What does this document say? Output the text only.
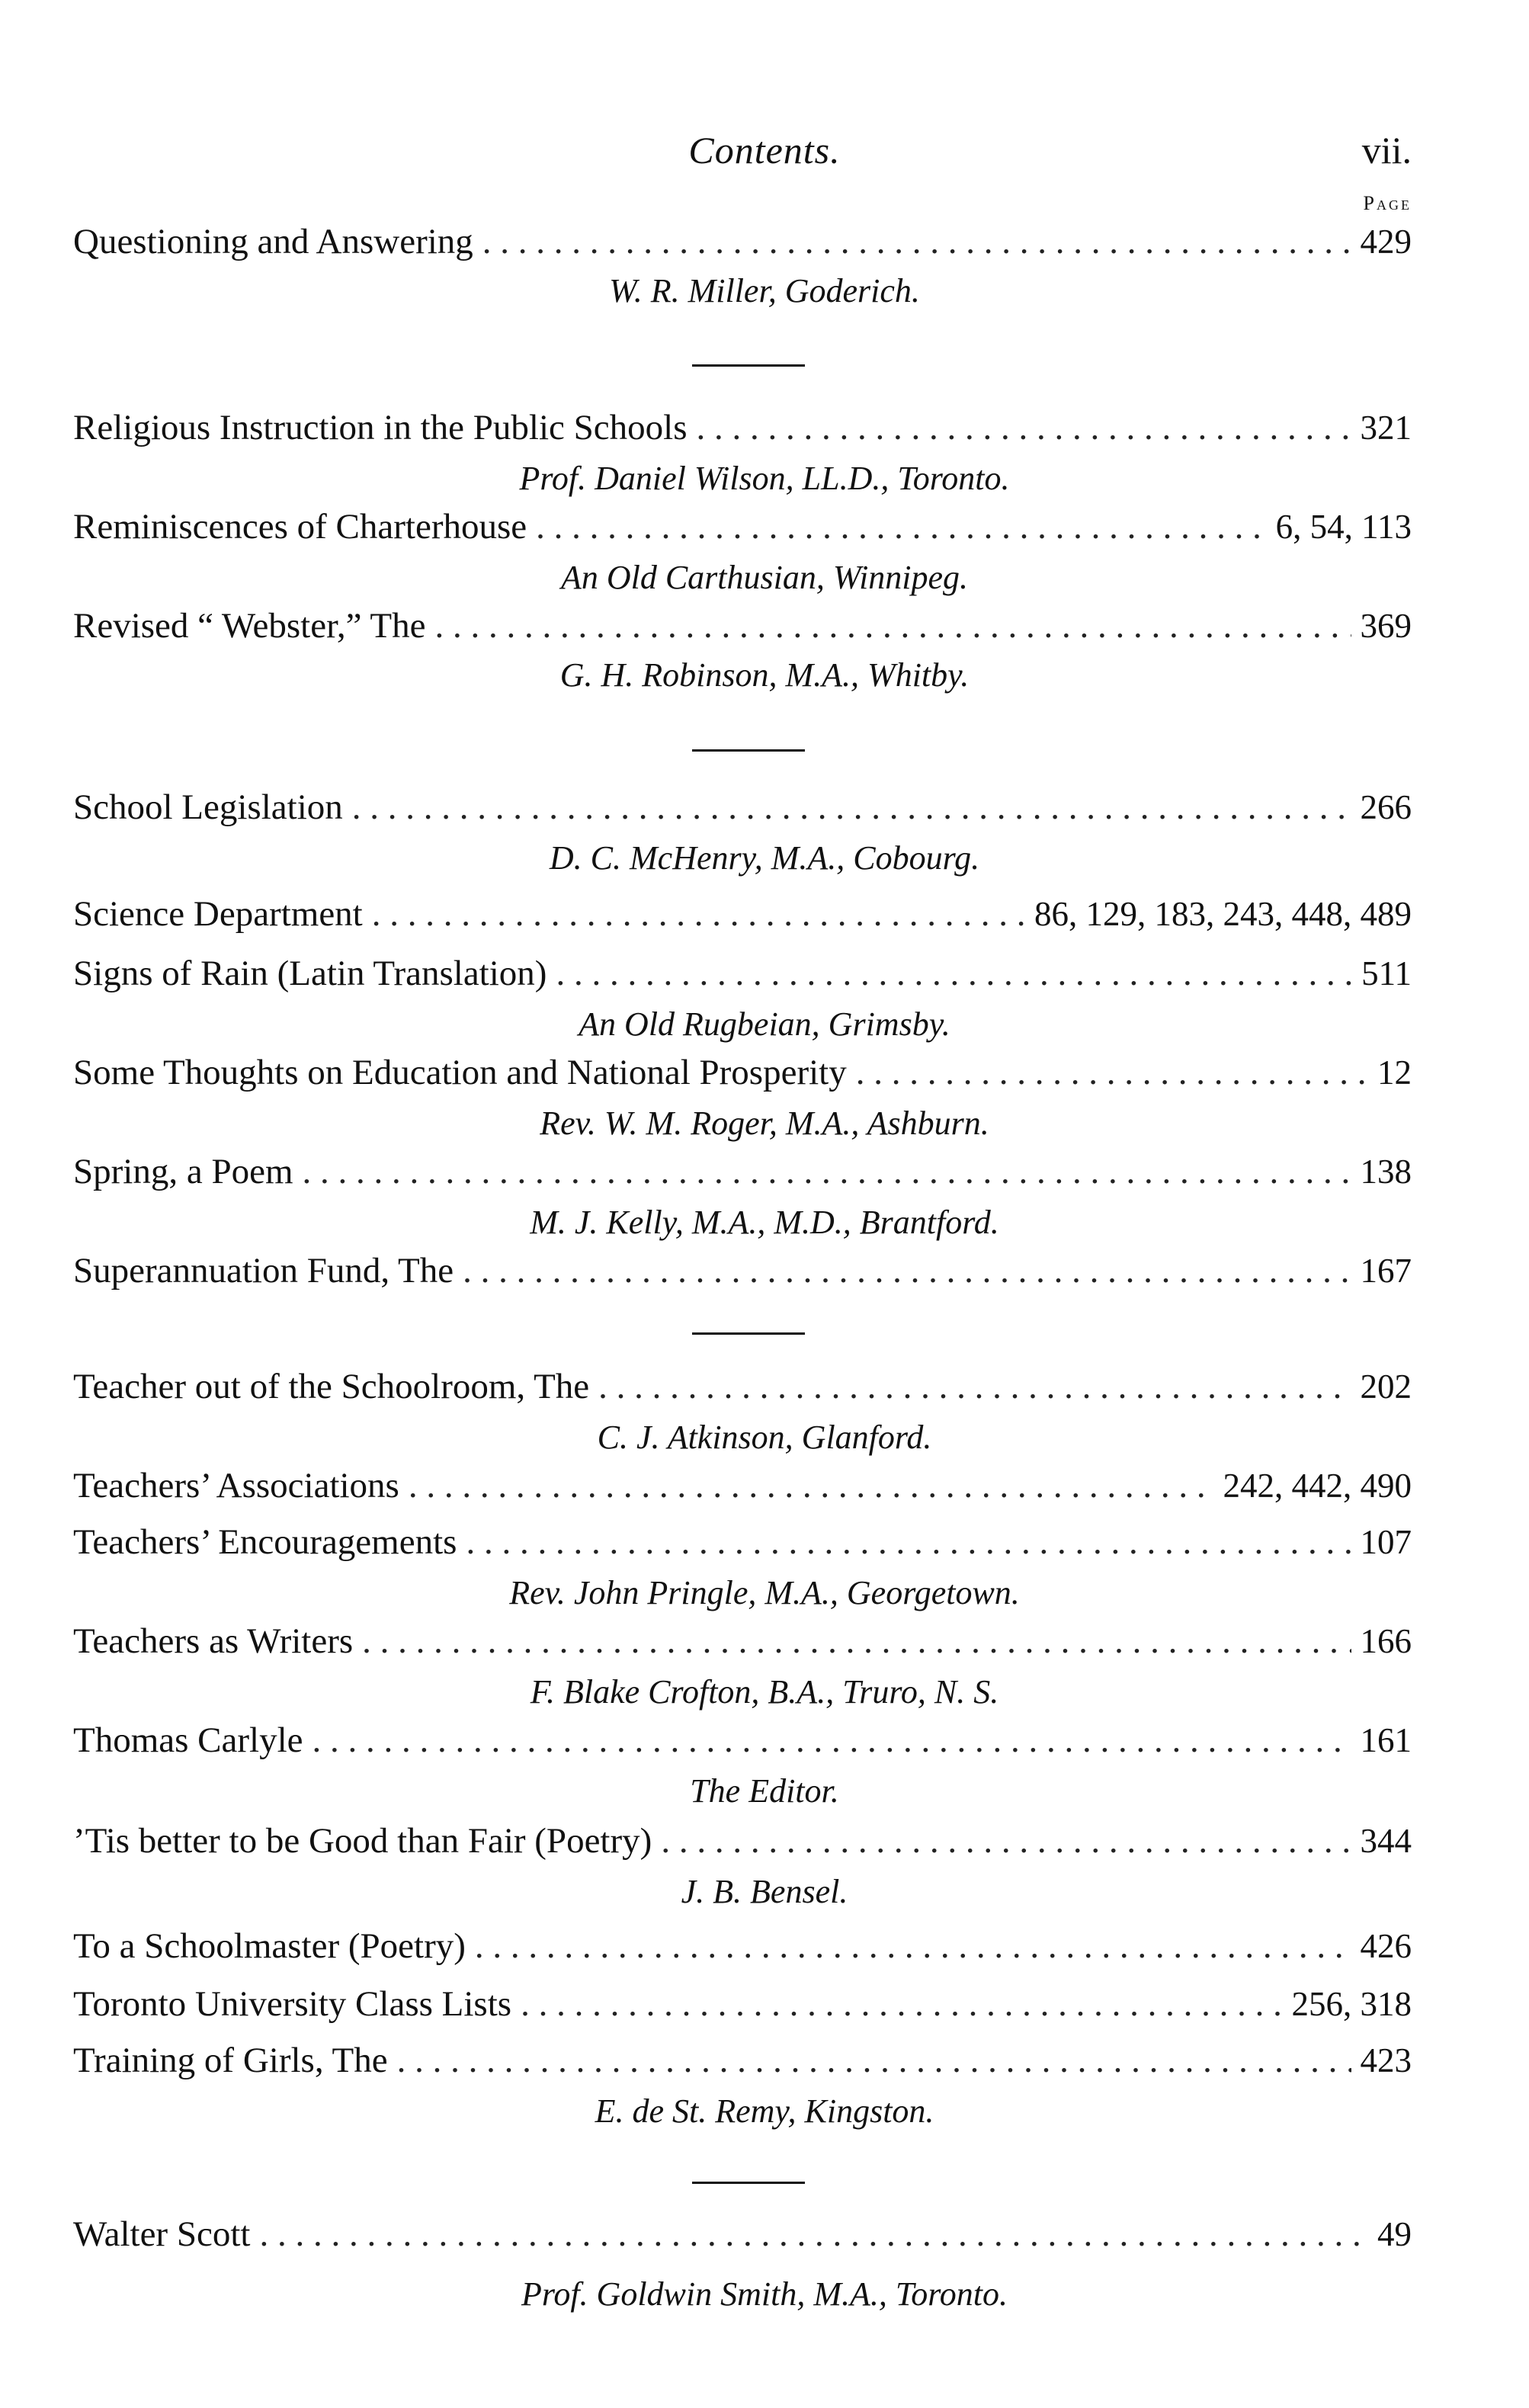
Contents.	vii.
Page
Questioning and Answering . . .	429
W. R. Miller, Goderich.
Religious Instruction in the Public Schools . . .	321
Prof. Daniel Wilson, LL.D., Toronto.
Reminiscences of Charterhouse . . .	6, 54, 113
An Old Carthusian, Winnipeg.
Revised “ Webster,” The . . .	369
G. H. Robinson, M.A., Whitby.
School Legislation . . .	266
D. C. McHenry, M.A., Cobourg.
Science Department . . .	86, 129, 183, 243, 448, 489
Signs of Rain (Latin Translation) . . .	511
An Old Rugbeian, Grimsby.
Some Thoughts on Education and National Prosperity . . .	12
Rev. W. M. Roger, M.A., Ashburn.
Spring, a Poem . . .	138
M. J. Kelly, M.A., M.D., Brantford.
Superannuation Fund, The . . .	167
Teacher out of the Schoolroom, The . . .	202
C. J. Atkinson, Glanford.
Teachers’ Associations . . .	242, 442, 490
Teachers’ Encouragements . . .	107
Rev. John Pringle, M.A., Georgetown.
Teachers as Writers . . .	166
F. Blake Crofton, B.A., Truro, N. S.
Thomas Carlyle . . .	161
The Editor.
’Tis better to be Good than Fair (Poetry) . . .	344
J. B. Bensel.
To a Schoolmaster (Poetry) . . .	426
Toronto University Class Lists . . .	256, 318
Training of Girls, The . . .	423
E. de St. Remy, Kingston.
Walter Scott . . .	49
Prof. Goldwin Smith, M.A., Toronto.
